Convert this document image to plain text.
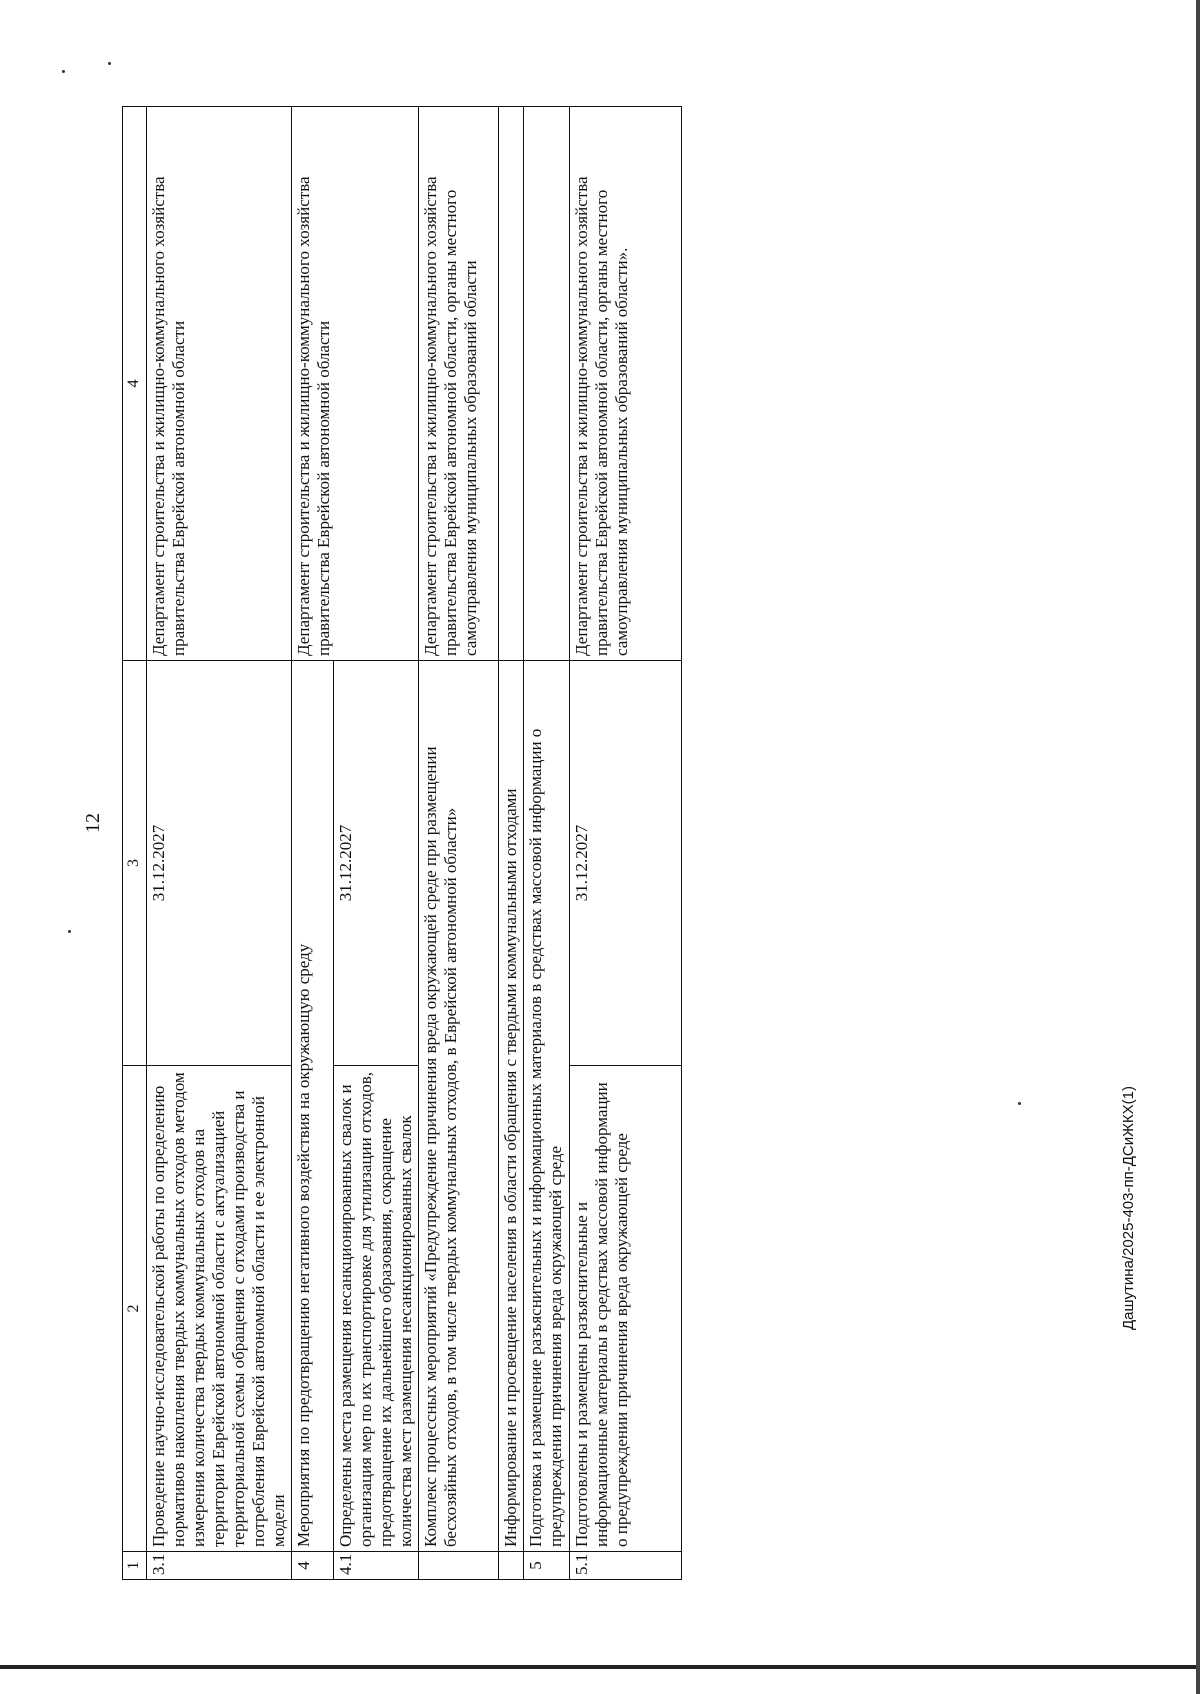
12
1	2	3	4
3.1	Проведение научно-исследовательской работы по определению нормативов накопления твердых коммунальных отходов методом измерения количества твердых коммунальных отходов на территории Еврейской автономной области с актуализацией территориальной схемы обращения с отходами производства и потребления Еврейской автономной области и ее электронной модели	31.12.2027	Департамент строительства и жилищно-коммунального хозяйства правительства Еврейской автономной области
4	Мероприятия по предотвращению негативного воздействия на окружающую среду		Департамент строительства и жилищно-коммунального хозяйства правительства Еврейской автономной области
4.1	Определены места размещения несанкционированных свалок и организация мер по их транспортировке для утилизации отходов, предотвращение их дальнейшего образования, сокращение количества мест размещения несанкционированных свалок	31.12.2027	
	Комплекс процессных мероприятий «Предупреждение причинения вреда окружающей среде при размещении бесхозяйных отходов, в том числе твердых коммунальных отходов, в Еврейской автономной области»		Департамент строительства и жилищно-коммунального хозяйства правительства Еврейской автономной области, органы местного самоуправления муниципальных образований области
	Информирование и просвещение населения в области обращения с твердыми коммунальными отходами		
5	Подготовка и размещение разъяснительных и информационных материалов в средствах массовой информации о предупреждении причинения вреда окружающей среде		
5.1	Подготовлены и размещены разъяснительные и информационные материалы в средствах массовой информации о предупреждении причинения вреда окружающей среде	31.12.2027	Департамент строительства и жилищно-коммунального хозяйства правительства Еврейской автономной области, органы местного самоуправления муниципальных образований области».
Дашутина/2025-403-пп-ДСиЖКХ(1)
